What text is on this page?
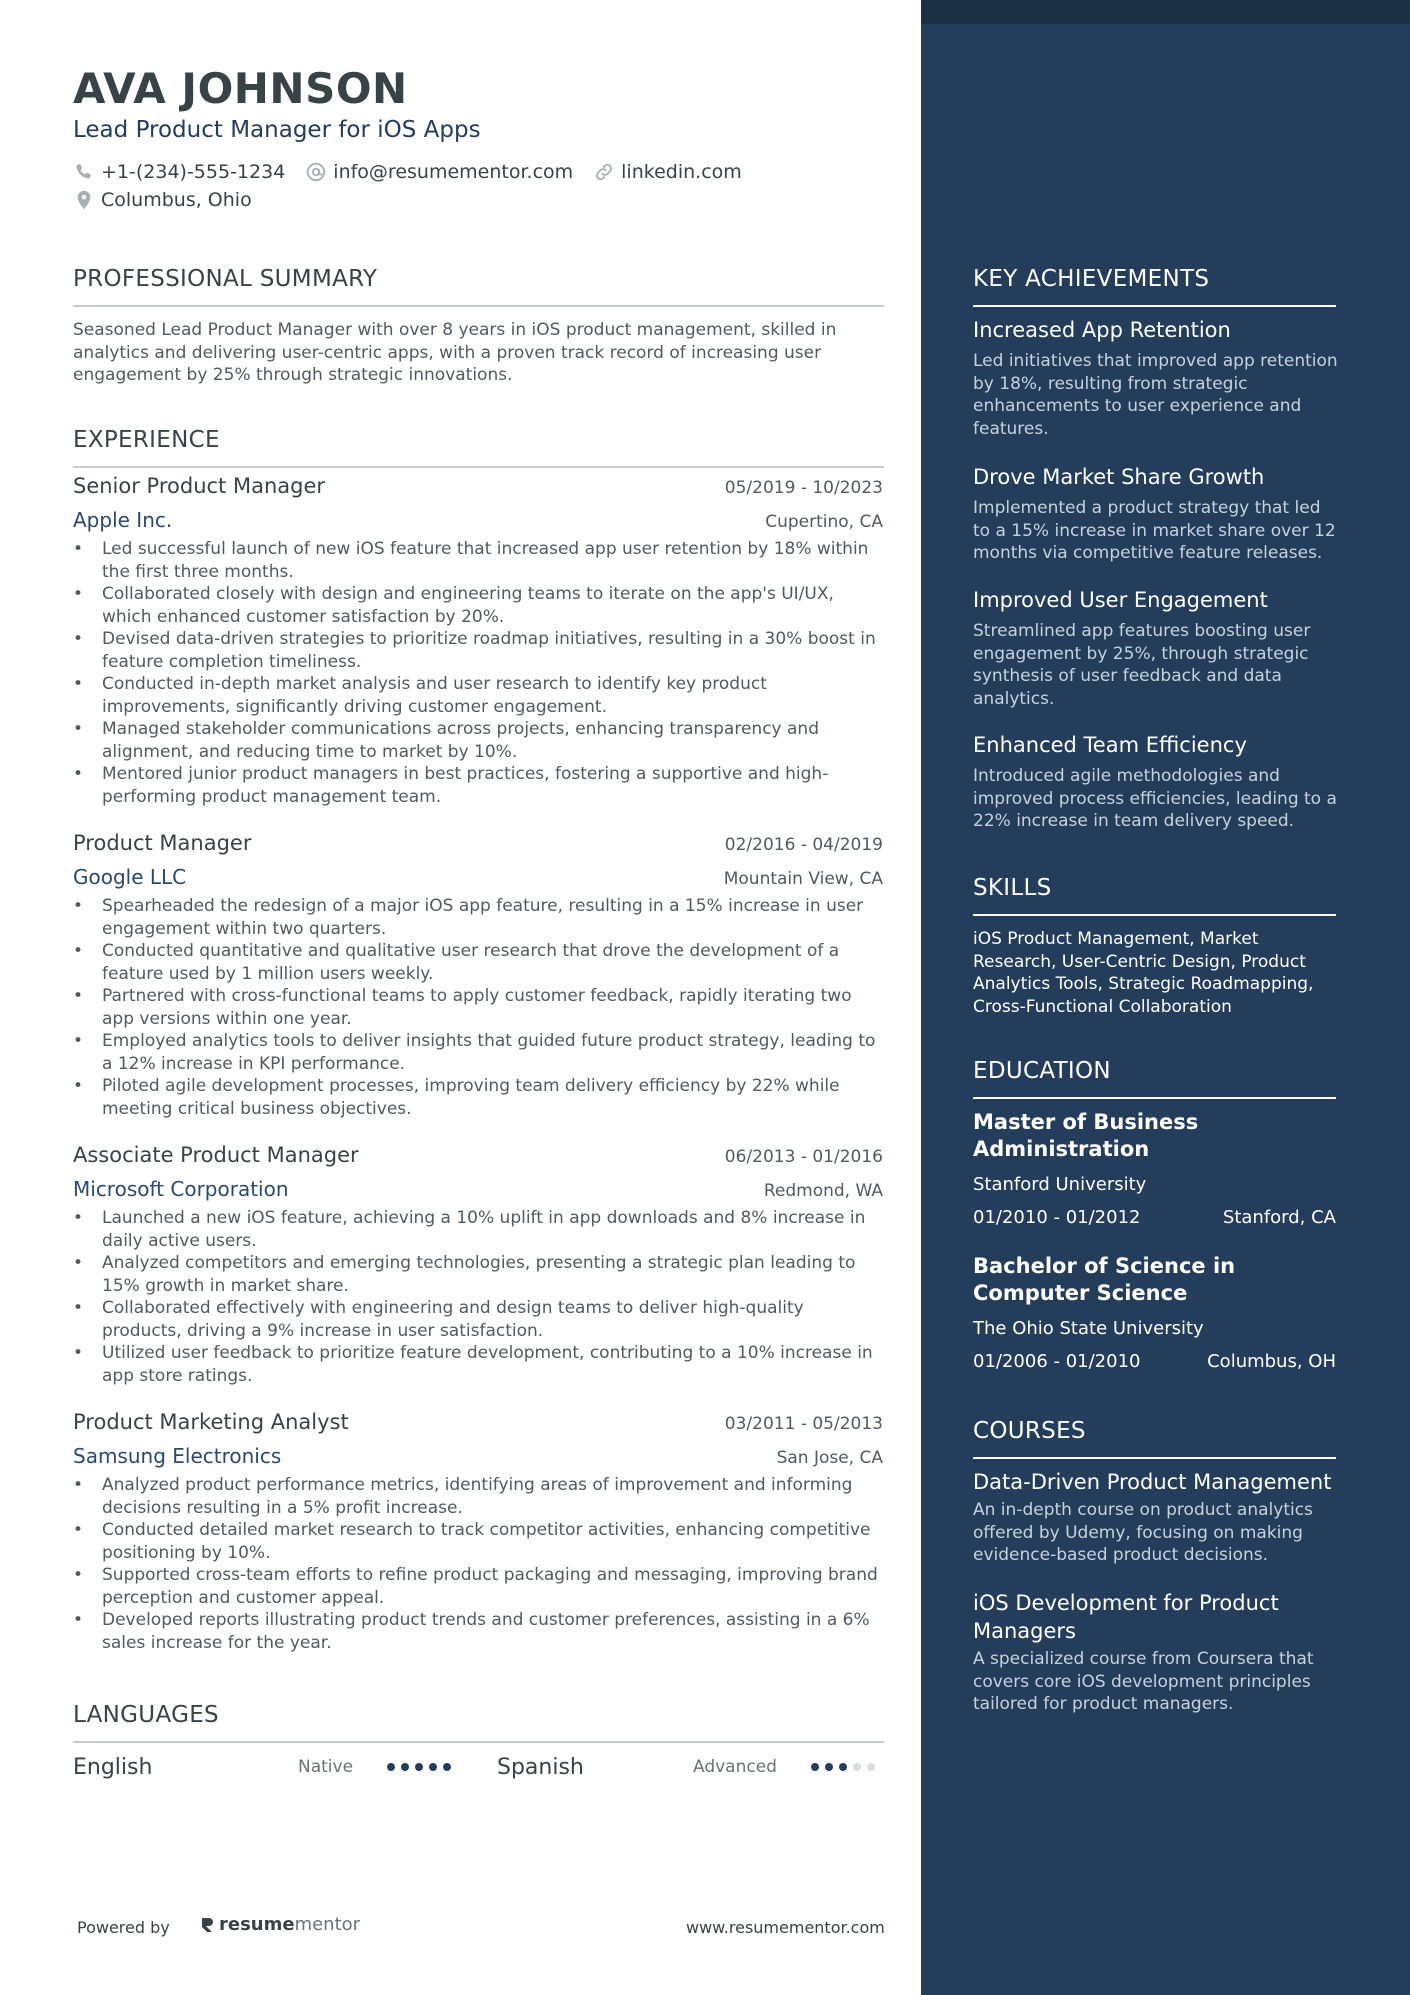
AVA JOHNSON
Lead Product Manager for iOS Apps
+1-(234)-555-1234	info@resumementor.com	linkedin.com
Columbus, Ohio
PROFESSIONAL SUMMARY
Seasoned Lead Product Manager with over 8 years in iOS product management, skilled in analytics and delivering user-centric apps, with a proven track record of increasing user engagement by 25% through strategic innovations.
EXPERIENCE
Senior Product Manager	05/2019 - 10/2023
Apple Inc.	Cupertino, CA
• Led successful launch of new iOS feature that increased app user retention by 18% within the first three months.
• Collaborated closely with design and engineering teams to iterate on the app's UI/UX, which enhanced customer satisfaction by 20%.
• Devised data-driven strategies to prioritize roadmap initiatives, resulting in a 30% boost in feature completion timeliness.
• Conducted in-depth market analysis and user research to identify key product improvements, significantly driving customer engagement.
• Managed stakeholder communications across projects, enhancing transparency and alignment, and reducing time to market by 10%.
• Mentored junior product managers in best practices, fostering a supportive and high-performing product management team.
Product Manager	02/2016 - 04/2019
Google LLC	Mountain View, CA
• Spearheaded the redesign of a major iOS app feature, resulting in a 15% increase in user engagement within two quarters.
• Conducted quantitative and qualitative user research that drove the development of a feature used by 1 million users weekly.
• Partnered with cross-functional teams to apply customer feedback, rapidly iterating two app versions within one year.
• Employed analytics tools to deliver insights that guided future product strategy, leading to a 12% increase in KPI performance.
• Piloted agile development processes, improving team delivery efficiency by 22% while meeting critical business objectives.
Associate Product Manager	06/2013 - 01/2016
Microsoft Corporation	Redmond, WA
• Launched a new iOS feature, achieving a 10% uplift in app downloads and 8% increase in daily active users.
• Analyzed competitors and emerging technologies, presenting a strategic plan leading to 15% growth in market share.
• Collaborated effectively with engineering and design teams to deliver high-quality products, driving a 9% increase in user satisfaction.
• Utilized user feedback to prioritize feature development, contributing to a 10% increase in app store ratings.
Product Marketing Analyst	03/2011 - 05/2013
Samsung Electronics	San Jose, CA
• Analyzed product performance metrics, identifying areas of improvement and informing decisions resulting in a 5% profit increase.
• Conducted detailed market research to track competitor activities, enhancing competitive positioning by 10%.
• Supported cross-team efforts to refine product packaging and messaging, improving brand perception and customer appeal.
• Developed reports illustrating product trends and customer preferences, assisting in a 6% sales increase for the year.
LANGUAGES
English	Native	Spanish	Advanced
Powered by	resume mentor	www.resumementor.com
KEY ACHIEVEMENTS
Increased App Retention
Led initiatives that improved app retention by 18%, resulting from strategic enhancements to user experience and features.
Drove Market Share Growth
Implemented a product strategy that led to a 15% increase in market share over 12 months via competitive feature releases.
Improved User Engagement
Streamlined app features boosting user engagement by 25%, through strategic synthesis of user feedback and data analytics.
Enhanced Team Efficiency
Introduced agile methodologies and improved process efficiencies, leading to a 22% increase in team delivery speed.
SKILLS
iOS Product Management, Market Research, User-Centric Design, Product Analytics Tools, Strategic Roadmapping, Cross-Functional Collaboration
EDUCATION
Master of Business Administration
Stanford University
01/2010 - 01/2012	Stanford, CA
Bachelor of Science in Computer Science
The Ohio State University
01/2006 - 01/2010	Columbus, OH
COURSES
Data-Driven Product Management
An in-depth course on product analytics offered by Udemy, focusing on making evidence-based product decisions.
iOS Development for Product Managers
A specialized course from Coursera that covers core iOS development principles tailored for product managers.
